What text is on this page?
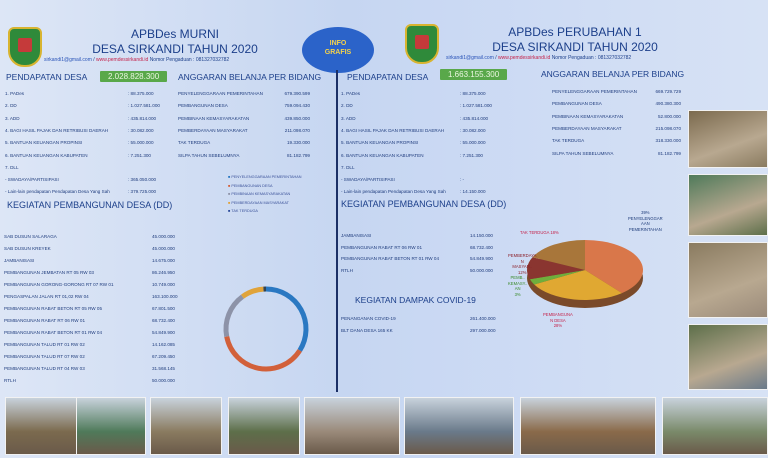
APBDes MURNI
DESA SIRKANDI TAHUN 2020
sirkandi1@gmail.com / www.pemdessirkandi.id Nomor Pengaduan : 081327032782
PENDAPATAN DESA	2.028.828.300	ANGGARAN BELANJA PER BIDANG
1. PADes	: 88.375.000
2. DD	: 1.027.581.000
3. ADD	: 435.814.000
4. BAGI HASIL PAJAK DAN RETRIBUSI DAERAH	: 30.082.000
5. BANTUAN KEUANGAN PROPINSI	: 55.000.000
6. BANTUAN KEUANGAN KABUPATEN	: 7.251.300
7. DLL
- SWADAYA/PARTISIPASI	: 365.050.000
- Lain-lain pendapatan Pendapatan Desa Yang Sah	: 379.725.000
PENYELENGGARAAN PEMERINTAHAN	679.390.599
PEMBANGUNAN DESA	759.094.430
PEMBINAAN KEMASYARAKATAN	439.850.000
PEMBERDAYAAN MASYARAKAT	211.098.070
TAK TERDUGA	19.330.000
SILPA TAHUN SEBELUMNYA	81.182.799
SAB DUSUN SALARAGA	45.000.000
SAB DUSUN KREYEK	45.000.000
JAMBANISASI	14.675.000
PEMBANGUNAN JEMBATAN RT 05 RW 03	86.246.950
PEMBANGUNAN GORONG-GORONG RT 07 RW 01	10.749.000
PENGASPALAN JALAN RT 01,02 RW 04	163.100.000
PEMBANGUNAN RABAT BETON RT 05 RW 05	67.801.500
PEMBANGUNAN RABAT RT 06 RW 01	68.732.400
PEMBANGUNAN RABAT BETON RT 01 RW 04	54.849.900
PEMBANGUNAN TALUD RT 01 RW 02	14.162.085
PEMBANGUNAN TALUD RT 07 RW 02	67.209.450
PEMBANGUNAN TALUD RT 04 RW 03	31.568.145
RTLH	50.000.000
■ PENYELENGGARAAN PEMERINTAHAN
■ PEMBANGUNAN DESA
■ PEMBINAAN KEMASYARAKATAN
■ PEMBERDAYAAN MASYARAKAT
■ TAK TERDUGA
KEGIATAN PEMBANGUNAN DESA (DD)
INFO
GRAFIS
APBDes PERUBAHAN 1
DESA SIRKANDI TAHUN 2020
sirkandi1@gmail.com / www.pemdessirkandi.id Nomor Pengaduan : 081327032782
PENDAPATAN DESA	1.663.155.300	ANGGARAN BELANJA PER BIDANG
1. PADes	: 88.375.000
2. DD	: 1.027.581.000
3. ADD	: 435.814.000
4. BAGI HASIL PAJAK DAN RETRIBUSI DAERAH	: 30.082.000
5. BANTUAN KEUANGAN PROPINSI	: 55.000.000
6. BANTUAN KEUANGAN KABUPATEN	: 7.251.300
7. DLL
- SWADAYA/PARTISIPASI	: -
- Lain-lain pendapatan Pendapatan Desa Yang Sah	: 14.150.000
PENYELENGGARAAN PEMERINTAHAN	669.729.729
PEMBANGUNAN DESA	490.380.300
PEMBINAAN KEMASYARAKATAN	52.800.000
PEMBERDAYAAN MASYARAKAT	215.098.070
TAK TERDUGA	318.330.000
SILPA TAHUN SEBELUMNYA	81.182.799
JAMBANISASI	14.150.000
PEMBANGUNAN RABAT RT 06 RW 01	68.732.400
PEMBANGUNAN RABAT BETON RT 01 RW 04	54.849.900
RTLH	50.000.000
PENANGANAN COVID-19	261.400.000
BLT DANA DESA 165 KK	297.000.000
KEGIATAN PEMBANGUNAN DESA (DD)
KEGIATAN DAMPAK COVID-19
39%
PENYELENGGAR
AAN
PEMERINTAHAN
TAK TERDUGA 18%
PEMBANGUNA
N DESA
28%
PEMBERDAYA
N
MASYAR..
12%
PEMB..
KEMASY..
AN
3%
